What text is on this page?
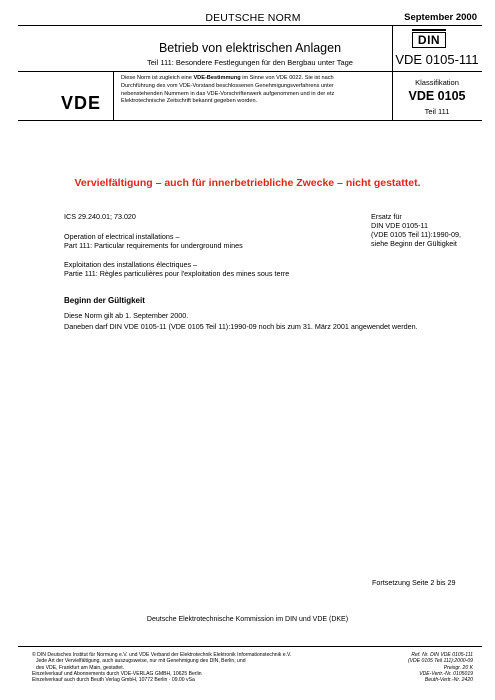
DEUTSCHE NORM	September 2000
Betrieb von elektrischen Anlagen
Teil 111: Besondere Festlegungen für den Bergbau unter Tage
DIN
VDE 0105-111
VDE
Diese Norm ist zugleich eine VDE-Bestimmung im Sinne von VDE 0022. Sie ist nach
Durchführung des vom VDE-Vorstand beschlossenen Genehmigungsverfahrens unter
nebenstehenden Nummern in das VDE-Vorschriftenwerk aufgenommen und in der etz
Elektrotechnische Zeitschrift bekannt gegeben worden.
Klassifikation
VDE 0105
Teil 111
Vervielfältigung – auch für innerbetriebliche Zwecke – nicht gestattet.
ICS 29.240.01; 73.020	Ersatz für
DIN VDE 0105-11
(VDE 0105 Teil 11):1990-09,
siehe Beginn der Gültigkeit
Operation of electrical installations –
Part 111: Particular requirements for underground mines
Exploitation des installations électriques –
Partie 111: Règles particulières pour l'exploitation des mines sous terre
Beginn der Gültigkeit
Diese Norm gilt ab 1. September 2000.
Daneben darf DIN VDE 0105-11 (VDE 0105 Teil 11):1990-09 noch bis zum 31. März 2001 angewendet werden.
Fortsetzung Seite 2 bis 29
Deutsche Elektrotechnische Kommission im DIN und VDE (DKE)
© DIN Deutsches Institut für Normung e.V. und VDE Verband der Elektrotechnik Elektronik Informationstechnik e.V.
Jede Art der Vervielfältigung, auch auszugsweise, nur mit Genehmigung des DIN, Berlin, und
des VDE, Frankfurt am Main, gestattet.
Einzelverkauf und Abonnements durch VDE-VERLAG GMBH, 10625 Berlin
Einzelverkauf auch durch Beuth Verlag GmbH, 10772 Berlin · 09.00 vSa
Ref. Nr. DIN VDE 0105-111
(VDE 0105 Teil 111):2000-09
Preisgr. 20 K
VDE-Vertr.-Nr. 0105019
Beuth-Vertr.-Nr. 2420
